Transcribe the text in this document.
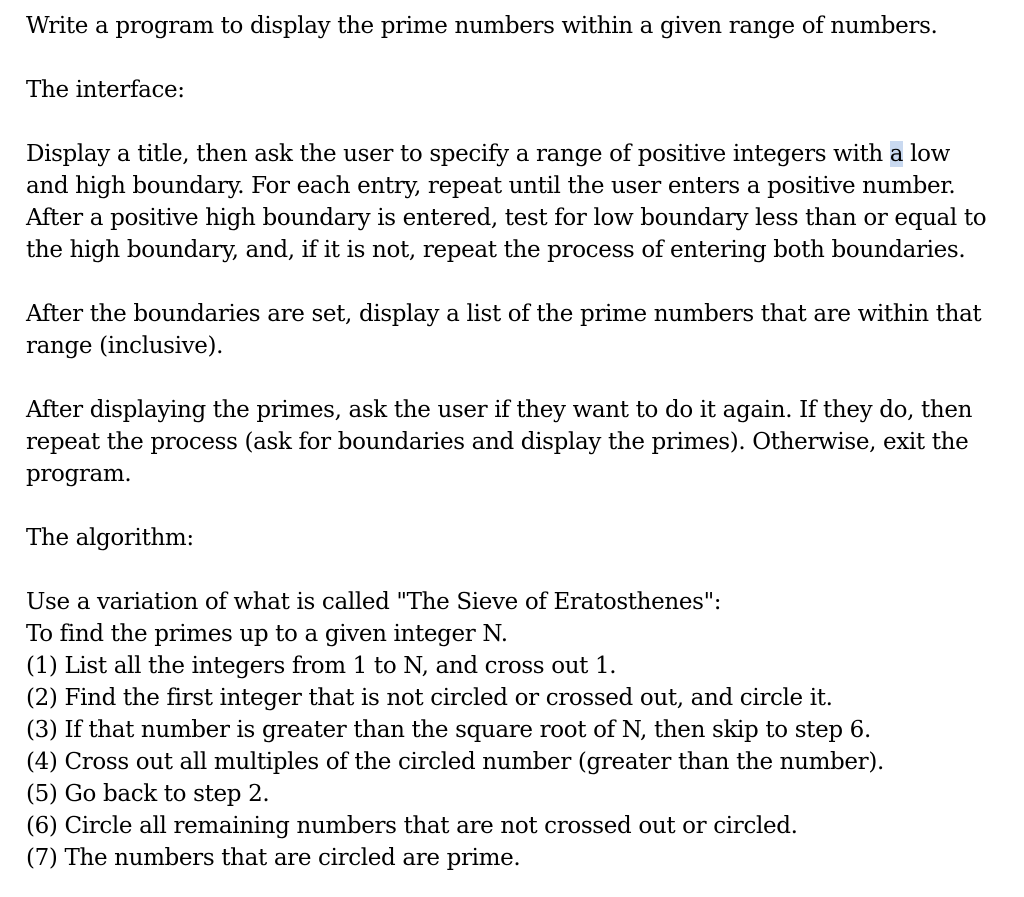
Write a program to display the prime numbers within a given range of numbers.
The interface:
Display a title, then ask the user to specify a range of positive integers with a low
and high boundary. For each entry, repeat until the user enters a positive number.
After a positive high boundary is entered, test for low boundary less than or equal to
the high boundary, and, if it is not, repeat the process of entering both boundaries.
After the boundaries are set, display a list of the prime numbers that are within that
range (inclusive).
After displaying the primes, ask the user if they want to do it again. If they do, then
repeat the process (ask for boundaries and display the primes). Otherwise, exit the
program.
The algorithm:
Use a variation of what is called "The Sieve of Eratosthenes":
To find the primes up to a given integer N.
(1) List all the integers from 1 to N, and cross out 1.
(2) Find the first integer that is not circled or crossed out, and circle it.
(3) If that number is greater than the square root of N, then skip to step 6.
(4) Cross out all multiples of the circled number (greater than the number).
(5) Go back to step 2.
(6) Circle all remaining numbers that are not crossed out or circled.
(7) The numbers that are circled are prime.
